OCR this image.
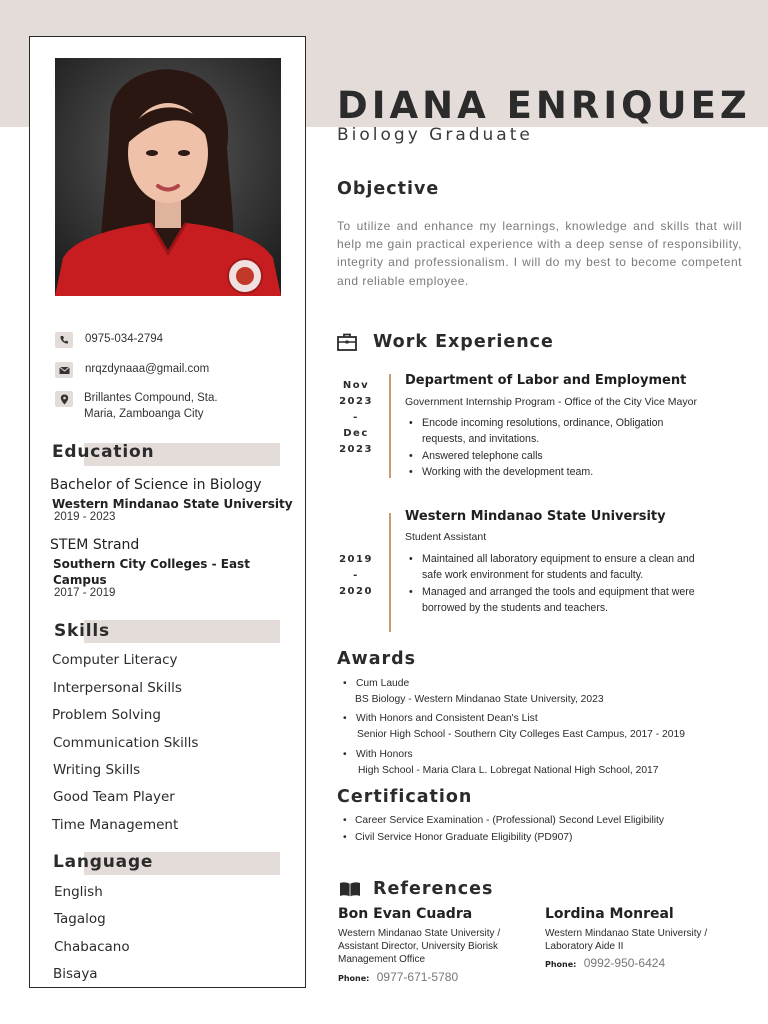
0975-034-2794
nrqzdynaaa@gmail.com
Brillantes Compound, Sta.
Maria, Zamboanga City
Education
Bachelor of Science in Biology
Western Mindanao State University
2019 - 2023
STEM Strand
Southern City Colleges - East
Campus
2017 - 2019
Skills
Computer Literacy
Interpersonal Skills
Problem Solving
Communication Skills
Writing Skills
Good Team Player
Time Management
Language
English
Tagalog
Chabacano
Bisaya
DIANA ENRIQUEZ
Biology Graduate
Objective
To utilize and enhance my learnings, knowledge and skills that will help me gain practical experience with a deep sense of responsibility, integrity and professionalism. I will do my best to become competent and reliable employee.
Work Experience
Nov
2023
-
Dec
2023
Department of Labor and Employment
Government Internship Program - Office of the City Vice Mayor
• Encode incoming resolutions, ordinance, Obligation requests, and invitations.
• Answered telephone calls
• Working with the development team.
2019
-
2020
Western Mindanao State University
Student Assistant
• Maintained all laboratory equipment to ensure a clean and safe work environment for students and faculty.
• Managed and arranged the tools and equipment that were borrowed by the students and teachers.
Awards
• Cum Laude
BS Biology - Western Mindanao State University, 2023
• With Honors and Consistent Dean's List
Senior High School - Southern City Colleges East Campus, 2017 - 2019
• With Honors
High School - Maria Clara L. Lobregat National High School, 2017
Certification
• Career Service Examination - (Professional) Second Level Eligibility
• Civil Service Honor Graduate Eligibility (PD907)
References
Bon Evan Cuadra
Western Mindanao State University / Assistant Director, University Biorisk Management Office
Phone: 0977-671-5780
Lordina Monreal
Western Mindanao State University / Laboratory Aide II
Phone: 0992-950-6424
